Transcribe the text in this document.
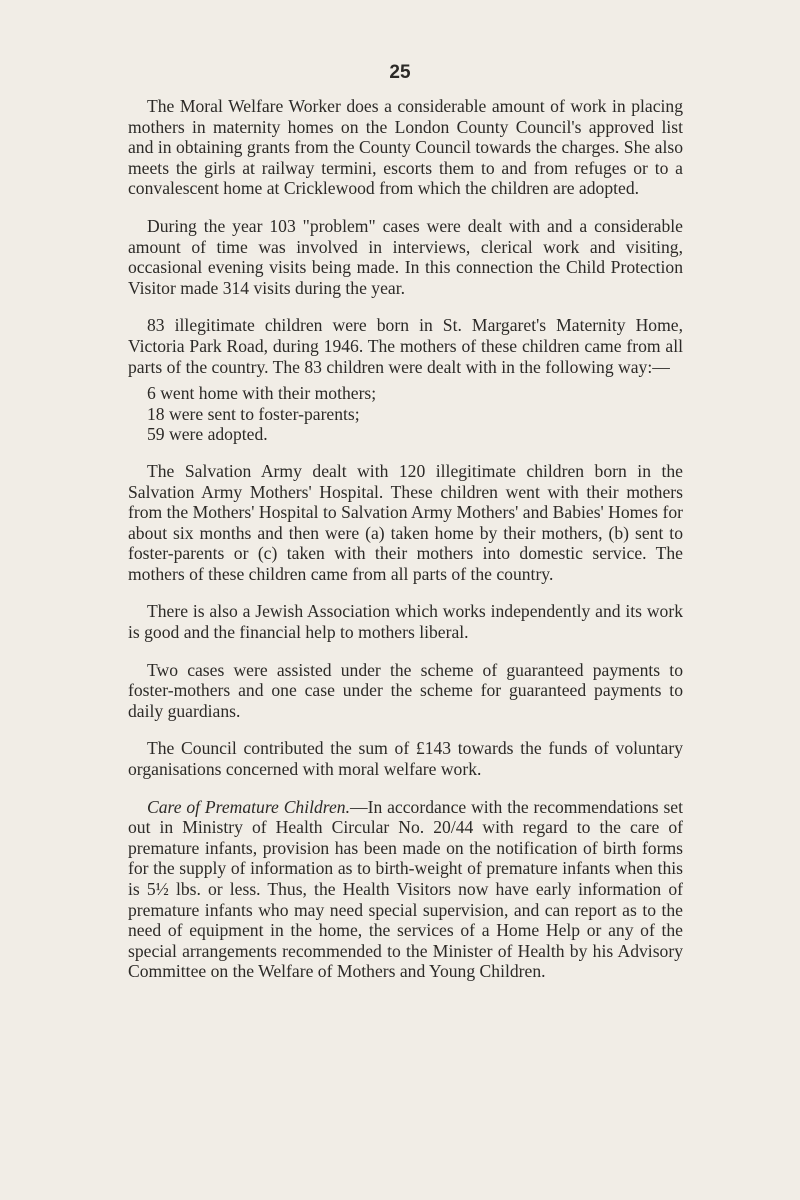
25

The Moral Welfare Worker does a considerable amount of work in placing mothers in maternity homes on the London County Council's approved list and in obtaining grants from the County Council towards the charges. She also meets the girls at railway termini, escorts them to and from refuges or to a convalescent home at Cricklewood from which the children are adopted.

During the year 103 "problem" cases were dealt with and a considerable amount of time was involved in interviews, clerical work and visiting, occasional evening visits being made. In this connection the Child Protection Visitor made 314 visits during the year.

83 illegitimate children were born in St. Margaret's Maternity Home, Victoria Park Road, during 1946. The mothers of these children came from all parts of the country. The 83 children were dealt with in the following way:—

6 went home with their mothers;
18 were sent to foster-parents;
59 were adopted.

The Salvation Army dealt with 120 illegitimate children born in the Salvation Army Mothers' Hospital. These children went with their mothers from the Mothers' Hospital to Salvation Army Mothers' and Babies' Homes for about six months and then were (a) taken home by their mothers, (b) sent to foster-parents or (c) taken with their mothers into domestic service. The mothers of these children came from all parts of the country.

There is also a Jewish Association which works independently and its work is good and the financial help to mothers liberal.

Two cases were assisted under the scheme of guaranteed payments to foster-mothers and one case under the scheme for guaranteed payments to daily guardians.

The Council contributed the sum of £143 towards the funds of voluntary organisations concerned with moral welfare work.

Care of Premature Children.—In accordance with the recommendations set out in Ministry of Health Circular No. 20/44 with regard to the care of premature infants, provision has been made on the notification of birth forms for the supply of information as to birth-weight of premature infants when this is 5½ lbs. or less. Thus, the Health Visitors now have early information of premature infants who may need special supervision, and can report as to the need of equipment in the home, the services of a Home Help or any of the special arrangements recommended to the Minister of Health by his Advisory Committee on the Welfare of Mothers and Young Children.
